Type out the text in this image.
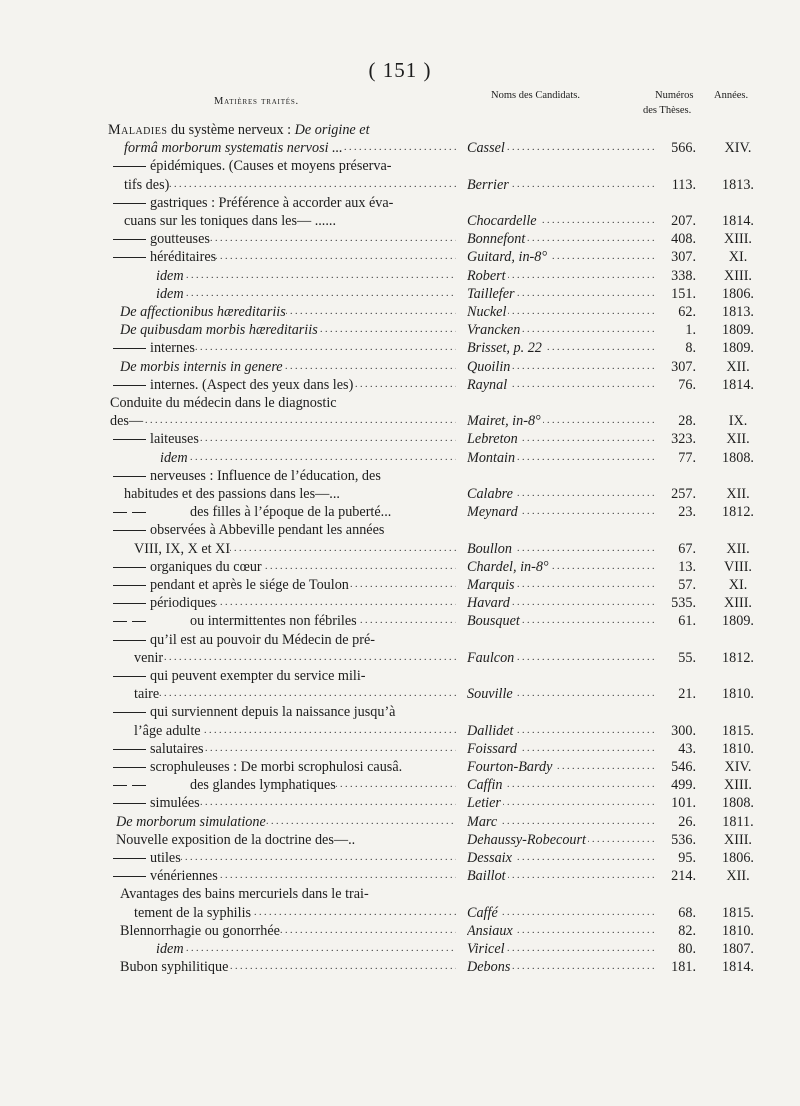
( 151 )
Matières traités.
Noms des Candidats.	Numéros
des Thèses.
Années.
Maladies du système nerveux : De origine et
formâ morborum systematis nervosi ... . . .	Cassel . . .	566.	XIV.
épidémiques. (Causes et moyens préserva-
tifs des) . . .	Berrier . . .	113.	1813.
gastriques : Préférence à accorder aux éva-
cuans sur les toniques dans les— ......	Chocardelle . . .	207.	1814.
goutteuses . . .	Bonnefont . . .	408.	XIII.
héréditaires . . .	Guitard, in-8° . . .	307.	XI.
idem . . .	Robert . . .	338.	XIII.
idem . . .	Taillefer . . .	151.	1806.
De affectionibus hæreditariis . . .	Nuckel . . .	62.	1813.
De quibusdam morbis hæreditariis . . .	Vrancken . . .	1.	1809.
internes . . .	Brisset, p. 22 . . .	8.	1809.
De morbis internis in genere . . .	Quoilin . . .	307.	XII.
internes. (Aspect des yeux dans les) . . .	Raynal . . .	76.	1814.
Conduite du médecin dans le diagnostic
des— . . .	Mairet, in-8° . . .	28.	IX.
laiteuses . . .	Lebreton . . .	323.	XII.
idem . . .	Montain . . .	77.	1808.
nerveuses : Influence de l’éducation, des
habitudes et des passions dans les—...	Calabre . . .	257.	XII.
des filles à l’époque de la puberté...	Meynard . . .	23.	1812.
observées à Abbeville pendant les années
VIII, IX, X et XI . . .	Boullon . . .	67.	XII.
organiques du cœur . . .	Chardel, in-8° . . .	13.	VIII.
pendant et après le siége de Toulon . . .	Marquis . . .	57.	XI.
périodiques . . .	Havard . . .	535.	XIII.
ou intermittentes non fébriles . . .	Bousquet . . .	61.	1809.
qu’il est au pouvoir du Médecin de pré-
venir . . .	Faulcon . . .	55.	1812.
qui peuvent exempter du service mili-
taire . . .	Souville . . .	21.	1810.
qui surviennent depuis la naissance jusqu’à
l’âge adulte . . .	Dallidet . . .	300.	1815.
salutaires . . .	Foissard . . .	43.	1810.
scrophuleuses : De morbi scrophulosi causâ.	Fourton-Bardy . . .	546.	XIV.
des glandes lymphatiques . . .	Caffin . . .	499.	XIII.
simulées . . .	Letier . . .	101.	1808.
De morborum simulatione . . .	Marc . . .	26.	1811.
Nouvelle exposition de la doctrine des—..	Dehaussy-Robecourt . . .	536.	XIII.
utiles . . .	Dessaix . . .	95.	1806.
vénériennes . . .	Baillot . . .	214.	XII.
Avantages des bains mercuriels dans le trai-
tement de la syphilis . . .	Caffé . . .	68.	1815.
Blennorrhagie ou gonorrhée . . .	Ansiaux . . .	82.	1810.
idem . . .	Viricel . . .	80.	1807.
Bubon syphilitique . . .	Debons . . .	181.	1814.
